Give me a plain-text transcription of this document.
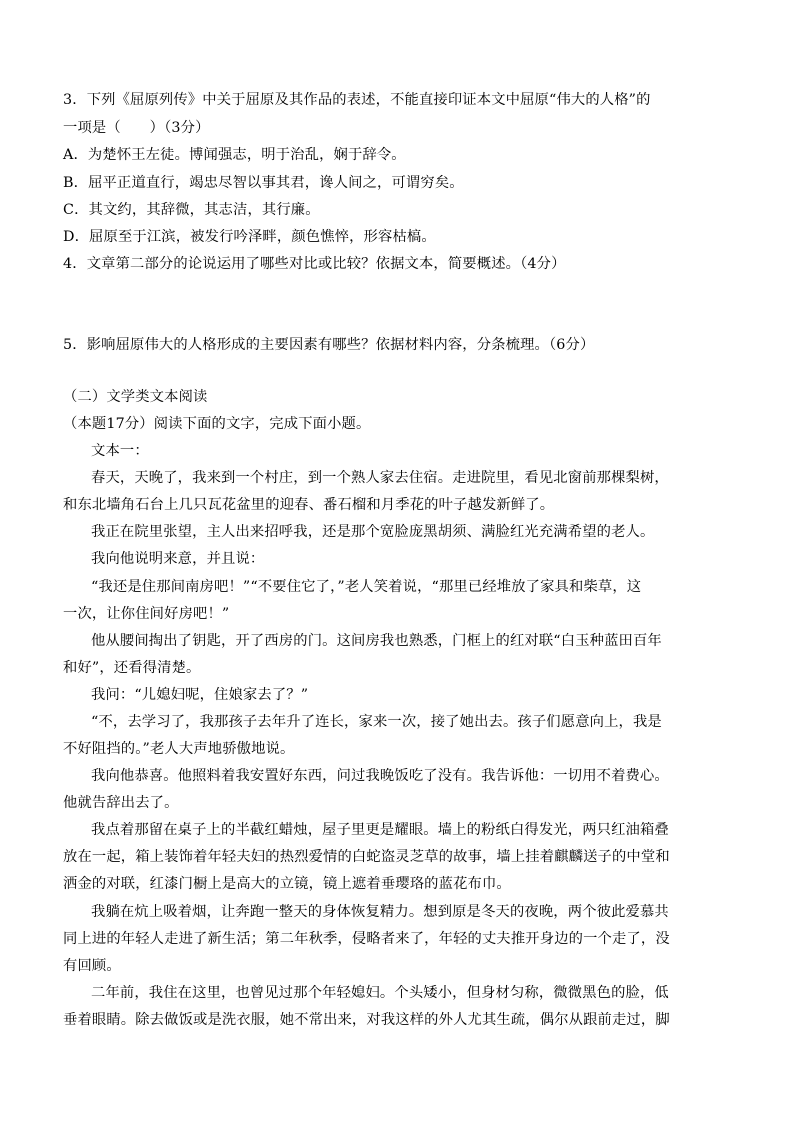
3．下列《屈原列传》中关于屈原及其作品的表述，不能直接印证本文中屈原“伟大的人格”的
一项是（　　）（3分）
A．为楚怀王左徒。博闻强志，明于治乱，娴于辞令。
B．屈平正道直行，竭忠尽智以事其君，谗人间之，可谓穷矣。
C．其文约，其辞微，其志洁，其行廉。
D．屈原至于江滨，被发行吟泽畔，颜色憔悴，形容枯槁。
4．文章第二部分的论说运用了哪些对比或比较？依据文本，简要概述。（4分）
5．影响屈原伟大的人格形成的主要因素有哪些？依据材料内容，分条梳理。（6分）
（二）文学类文本阅读
（本题17分）阅读下面的文字，完成下面小题。
文本一：
春天，天晚了，我来到一个村庄，到一个熟人家去住宿。走进院里，看见北窗前那棵梨树，
和东北墙角石台上几只瓦花盆里的迎春、番石榴和月季花的叶子越发新鲜了。
我正在院里张望，主人出来招呼我，还是那个宽脸庞黑胡须、满脸红光充满希望的老人。
我向他说明来意，并且说：
“我还是住那间南房吧！”“不要住它了，”老人笑着说，“那里已经堆放了家具和柴草，这
一次，让你住间好房吧！”
他从腰间掏出了钥匙，开了西房的门。这间房我也熟悉，门框上的红对联“白玉种蓝田百年
和好”，还看得清楚。
我问：“儿媳妇呢，住娘家去了？”
“不，去学习了，我那孩子去年升了连长，家来一次，接了她出去。孩子们愿意向上，我是
不好阻挡的。”老人大声地骄傲地说。
我向他恭喜。他照料着我安置好东西，问过我晚饭吃了没有。我告诉他：一切用不着费心。
他就告辞出去了。
我点着那留在桌子上的半截红蜡烛，屋子里更是耀眼。墙上的粉纸白得发光，两只红油箱叠
放在一起，箱上装饰着年轻夫妇的热烈爱情的白蛇盗灵芝草的故事，墙上挂着麒麟送子的中堂和
洒金的对联，红漆门橱上是高大的立镜，镜上遮着垂璎珞的蓝花布巾。
我躺在炕上吸着烟，让奔跑一整天的身体恢复精力。想到原是冬天的夜晚，两个彼此爱慕共
同上进的年轻人走进了新生活；第二年秋季，侵略者来了，年轻的丈夫推开身边的一个走了，没
有回顾。
二年前，我住在这里，也曾见过那个年轻媳妇。个头矮小，但身材匀称，微微黑色的脸，低
垂着眼睛。除去做饭或是洗衣服，她不常出来，对我这样的外人尤其生疏，偶尔从跟前走过，脚
